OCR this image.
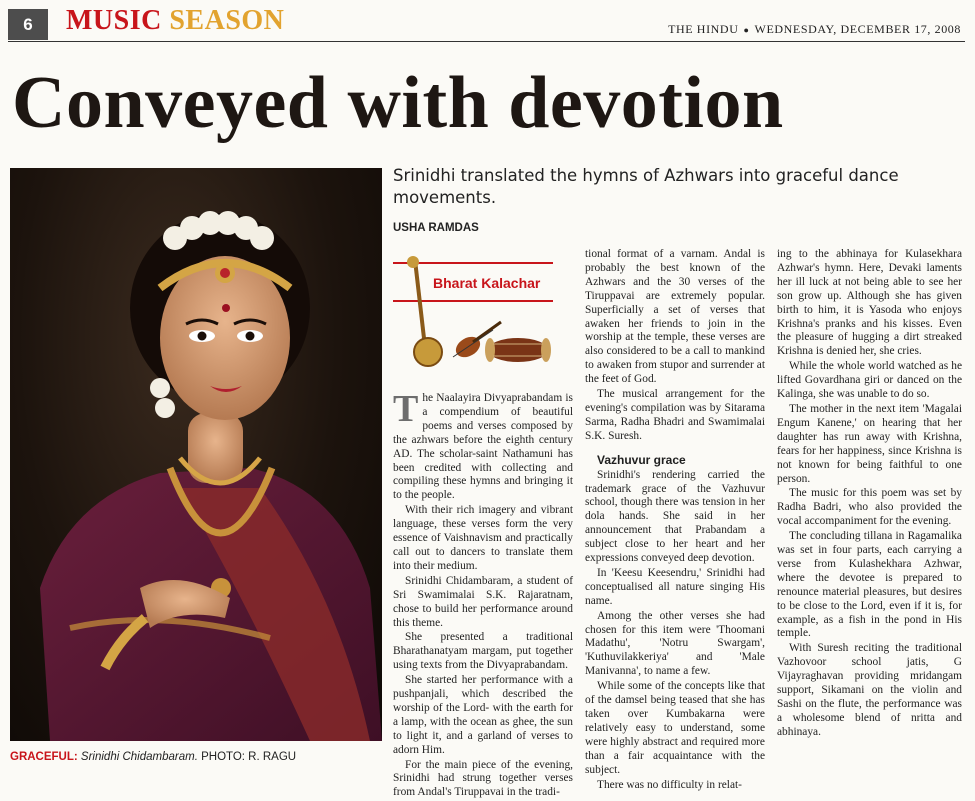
6	MUSIC SEASON	THE HINDU ● WEDNESDAY, DECEMBER 17, 2008
Conveyed with devotion
GRACEFUL: Srinidhi Chidambaram. PHOTO: R. RAGU
Srinidhi translated the hymns of Azhwars into graceful dance movements.
USHA RAMDAS
Bharat Kalachar

The Naalayira Divyaprabandam is a compendium of beautiful poems and verses composed by the azhwars before the eighth century AD. The scholar-saint Nathamuni has been credited with collecting and compiling these hymns and bringing it to the people.

With their rich imagery and vibrant language, these verses form the very essence of Vaishnavism and practically call out to dancers to translate them into their medium.

Srinidhi Chidambaram, a student of Sri Swamimalai S.K. Rajaratnam, chose to build her performance around this theme.

She presented a traditional Bharathanatyam margam, put together using texts from the Divyaprabandam.

She started her performance with a pushpanjali, which described the worship of the Lord- with the earth for a lamp, with the ocean as ghee, the sun to light it, and a garland of verses to adorn Him.

For the main piece of the evening, Srinidhi had strung together verses from Andal's Tiruppavai in the tradi-

tional format of a varnam. Andal is probably the best known of the Azhwars and the 30 verses of the Tiruppavai are extremely popular. Superficially a set of verses that awaken her friends to join in the worship at the temple, these verses are also considered to be a call to mankind to awaken from stupor and surrender at the feet of God.

The musical arrangement for the evening's compilation was by Sitarama Sarma, Radha Bhadri and Swamimalai S.K. Suresh.

Vazhuvur grace

Srinidhi's rendering carried the trademark grace of the Vazhuvur school, though there was tension in her dola hands. She said in her announcement that Prabandam a subject close to her heart and her expressions conveyed deep devotion.

In 'Keesu Keesendru,' Srinidhi had conceptualised all nature singing His name.

Among the other verses she had chosen for this item were 'Thoomani Madathu', 'Notru Swargam', 'Kuthuvilakkeriya' and 'Male Manivanna', to name a few.

While some of the concepts like that of the damsel being teased that she has taken over Kumbakarna were relatively easy to understand, some were highly abstract and required more than a fair acquaintance with the subject.

There was no difficulty in relat-

ing to the abhinaya for Kulasekhara Azhwar's hymn. Here, Devaki laments her ill luck at not being able to see her son grow up. Although she has given birth to him, it is Yasoda who enjoys Krishna's pranks and his kisses. Even the pleasure of hugging a dirt streaked Krishna is denied her, she cries.

While the whole world watched as he lifted Govardhana giri or danced on the Kalinga, she was unable to do so.

The mother in the next item 'Magalai Engum Kanene,' on hearing that her daughter has run away with Krishna, fears for her happiness, since Krishna is not known for being faithful to one person.

The music for this poem was set by Radha Badri, who also provided the vocal accompaniment for the evening.

The concluding tillana in Ragamalika was set in four parts, each carrying a verse from Kulashekhara Azhwar, where the devotee is prepared to renounce material pleasures, but desires to be close to the Lord, even if it is, for example, as a fish in the pond in His temple.

With Suresh reciting the traditional Vazhovoor school jatis, G Vijayraghavan providing mridangam support, Sikamani on the violin and Sashi on the flute, the performance was a wholesome blend of nritta and abhinaya.
